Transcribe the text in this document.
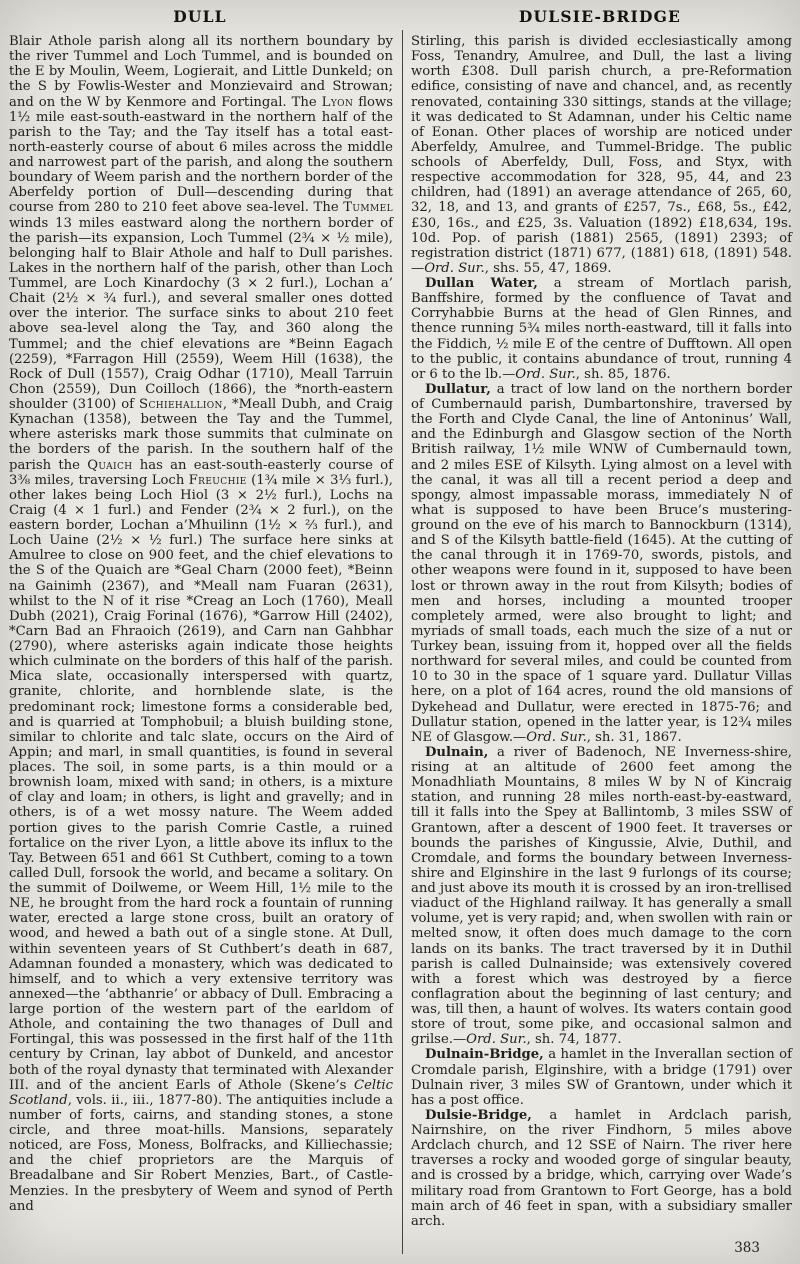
DULL	DULSIE-BRIDGE

Blair Athole parish along all its northern boundary by the river Tummel and Loch Tummel, and is bounded on the E by Moulin, Weem, Logierait, and Little Dunkeld; on the S by Fowlis-Wester and Monzievaird and Strowan; and on the W by Kenmore and Fortingal. The Lyon flows 1½ mile east-south-eastward in the northern half of the parish to the Tay; and the Tay itself has a total east-north-easterly course of about 6 miles across the middle and narrowest part of the parish, and along the southern boundary of Weem parish and the northern border of the Aberfeldy portion of Dull—descending during that course from 280 to 210 feet above sea-level. The Tummel winds 13 miles eastward along the northern border of the parish—its expansion, Loch Tummel (2¾ × ½ mile), belonging half to Blair Athole and half to Dull parishes. Lakes in the northern half of the parish, other than Loch Tummel, are Loch Kinardochy (3 × 2 furl.), Lochan a’ Chait (2½ × ¾ furl.), and several smaller ones dotted over the interior. The surface sinks to about 210 feet above sea-level along the Tay, and 360 along the Tummel; and the chief elevations are *Beinn Eagach (2259), *Farragon Hill (2559), Weem Hill (1638), the Rock of Dull (1557), Craig Odhar (1710), Meall Tarruin Chon (2559), Dun Coilloch (1866), the *north-eastern shoulder (3100) of Schiehallion, *Meall Dubh, and Craig Kynachan (1358), between the Tay and the Tummel, where asterisks mark those summits that culminate on the borders of the parish. In the southern half of the parish the Quaich has an east-south-easterly course of 3⅜ miles, traversing Loch Freuchie (1¾ mile × 3⅓ furl.), other lakes being Loch Hiol (3 × 2½ furl.), Lochs na Craig (4 × 1 furl.) and Fender (2¾ × 2 furl.), on the eastern border, Lochan a’Mhuilinn (1½ × ⅔ furl.), and Loch Uaine (2½ × ½ furl.) The surface here sinks at Amulree to close on 900 feet, and the chief elevations to the S of the Quaich are *Geal Charn (2000 feet), *Beinn na Gainimh (2367), and *Meall nam Fuaran (2631), whilst to the N of it rise *Creag an Loch (1760), Meall Dubh (2021), Craig Forinal (1676), *Garrow Hill (2402), *Carn Bad an Fhraoich (2619), and Carn nan Gahbhar (2790), where asterisks again indicate those heights which culminate on the borders of this half of the parish. Mica slate, occasionally interspersed with quartz, granite, chlorite, and hornblende slate, is the predominant rock; limestone forms a considerable bed, and is quarried at Tomphobuil; a bluish building stone, similar to chlorite and talc slate, occurs on the Aird of Appin; and marl, in small quantities, is found in several places. The soil, in some parts, is a thin mould or a brownish loam, mixed with sand; in others, is a mixture of clay and loam; in others, is light and gravelly; and in others, is of a wet mossy nature. The Weem added portion gives to the parish Comrie Castle, a ruined fortalice on the river Lyon, a little above its influx to the Tay. Between 651 and 661 St Cuthbert, coming to a town called Dull, forsook the world, and became a solitary. On the summit of Doilweme, or Weem Hill, 1½ mile to the NE, he brought from the hard rock a fountain of running water, erected a large stone cross, built an oratory of wood, and hewed a bath out of a single stone. At Dull, within seventeen years of St Cuthbert’s death in 687, Adamnan founded a monastery, which was dedicated to himself, and to which a very extensive territory was annexed—the ‘abthanrie’ or abbacy of Dull. Embracing a large portion of the western part of the earldom of Athole, and containing the two thanages of Dull and Fortingal, this was possessed in the first half of the 11th century by Crinan, lay abbot of Dunkeld, and ancestor both of the royal dynasty that terminated with Alexander III. and of the ancient Earls of Athole (Skene’s Celtic Scotland, vols. ii., iii., 1877-80). The antiquities include a number of forts, cairns, and standing stones, a stone circle, and three moat-hills. Mansions, separately noticed, are Foss, Moness, Bolfracks, and Killiechassie; and the chief proprietors are the Marquis of Breadalbane and Sir Robert Menzies, Bart., of Castle-Menzies. In the presbytery of Weem and synod of Perth and

Stirling, this parish is divided ecclesiastically among Foss, Tenandry, Amulree, and Dull, the last a living worth £308. Dull parish church, a pre-Reformation edifice, consisting of nave and chancel, and, as recently renovated, containing 330 sittings, stands at the village; it was dedicated to St Adamnan, under his Celtic name of Eonan. Other places of worship are noticed under Aberfeldy, Amulree, and Tummel-Bridge. The public schools of Aberfeldy, Dull, Foss, and Styx, with respective accommodation for 328, 95, 44, and 23 children, had (1891) an average attendance of 265, 60, 32, 18, and 13, and grants of £257, 7s., £68, 5s., £42, £30, 16s., and £25, 3s. Valuation (1892) £18,634, 19s. 10d. Pop. of parish (1881) 2565, (1891) 2393; of registration district (1871) 677, (1881) 618, (1891) 548.—Ord. Sur., shs. 55, 47, 1869.

Dullan Water, a stream of Mortlach parish, Banffshire, formed by the confluence of Tavat and Corryhabbie Burns at the head of Glen Rinnes, and thence running 5¾ miles north-eastward, till it falls into the Fiddich, ½ mile E of the centre of Dufftown. All open to the public, it contains abundance of trout, running 4 or 6 to the lb.—Ord. Sur., sh. 85, 1876.

Dullatur, a tract of low land on the northern border of Cumbernauld parish, Dumbartonshire, traversed by the Forth and Clyde Canal, the line of Antoninus’ Wall, and the Edinburgh and Glasgow section of the North British railway, 1½ mile WNW of Cumbernauld town, and 2 miles ESE of Kilsyth. Lying almost on a level with the canal, it was all till a recent period a deep and spongy, almost impassable morass, immediately N of what is supposed to have been Bruce’s mustering-ground on the eve of his march to Bannockburn (1314), and S of the Kilsyth battle-field (1645). At the cutting of the canal through it in 1769-70, swords, pistols, and other weapons were found in it, supposed to have been lost or thrown away in the rout from Kilsyth; bodies of men and horses, including a mounted trooper completely armed, were also brought to light; and myriads of small toads, each much the size of a nut or Turkey bean, issuing from it, hopped over all the fields northward for several miles, and could be counted from 10 to 30 in the space of 1 square yard. Dullatur Villas here, on a plot of 164 acres, round the old mansions of Dykehead and Dullatur, were erected in 1875-76; and Dullatur station, opened in the latter year, is 12¾ miles NE of Glasgow.—Ord. Sur., sh. 31, 1867.

Dulnain, a river of Badenoch, NE Inverness-shire, rising at an altitude of 2600 feet among the Monadhliath Mountains, 8 miles W by N of Kincraig station, and running 28 miles north-east-by-eastward, till it falls into the Spey at Ballintomb, 3 miles SSW of Grantown, after a descent of 1900 feet. It traverses or bounds the parishes of Kingussie, Alvie, Duthil, and Cromdale, and forms the boundary between Inverness-shire and Elginshire in the last 9 furlongs of its course; and just above its mouth it is crossed by an iron-trellised viaduct of the Highland railway. It has generally a small volume, yet is very rapid; and, when swollen with rain or melted snow, it often does much damage to the corn lands on its banks. The tract traversed by it in Duthil parish is called Dulnainside; was extensively covered with a forest which was destroyed by a fierce conflagration about the beginning of last century; and was, till then, a haunt of wolves. Its waters contain good store of trout, some pike, and occasional salmon and grilse.—Ord. Sur., sh. 74, 1877.

Dulnain-Bridge, a hamlet in the Inverallan section of Cromdale parish, Elginshire, with a bridge (1791) over Dulnain river, 3 miles SW of Grantown, under which it has a post office.

Dulsie-Bridge, a hamlet in Ardclach parish, Nairnshire, on the river Findhorn, 5 miles above Ardclach church, and 12 SSE of Nairn. The river here traverses a rocky and wooded gorge of singular beauty, and is crossed by a bridge, which, carrying over Wade’s military road from Grantown to Fort George, has a bold main arch of 46 feet in span, with a subsidiary smaller arch.

383
